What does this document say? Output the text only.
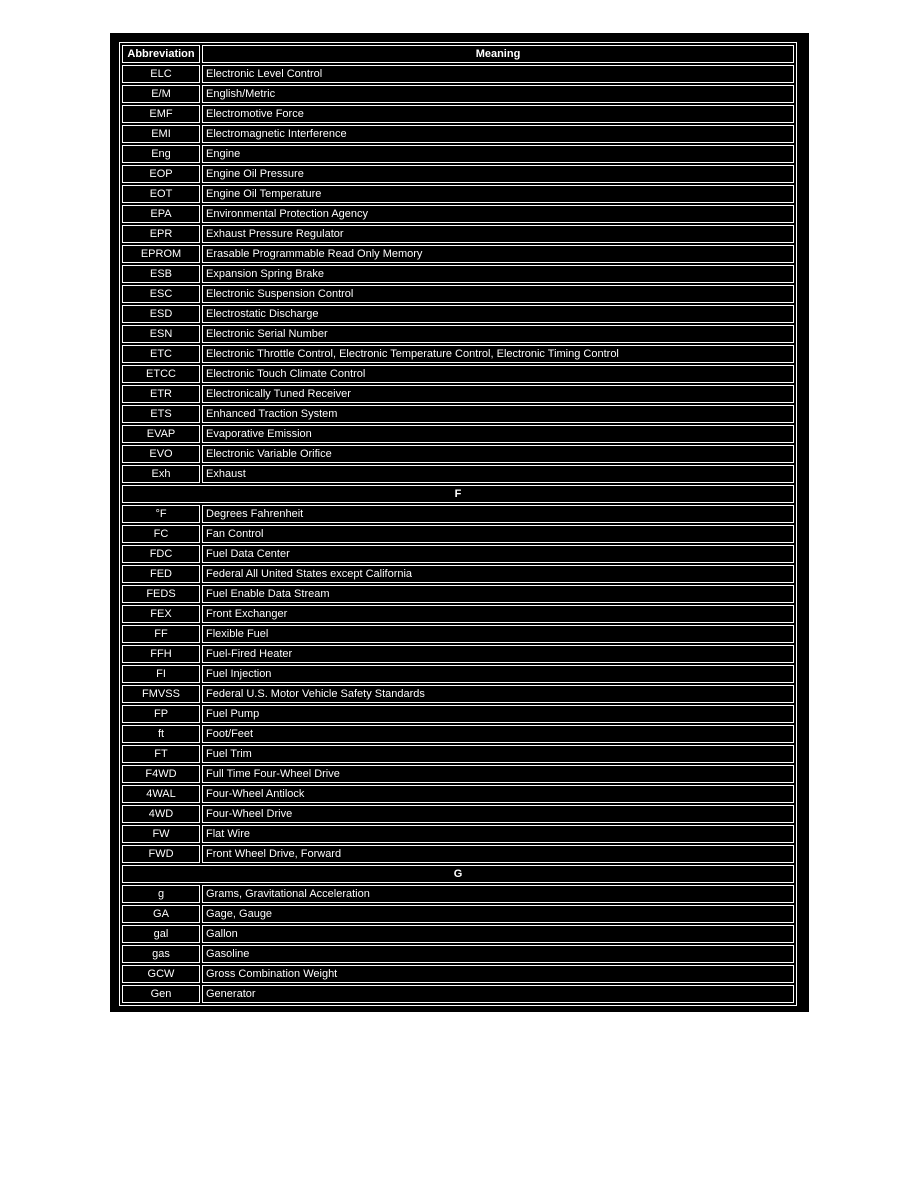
Abbreviation	Meaning
ELC	Electronic Level Control
E/M	English/Metric
EMF	Electromotive Force
EMI	Electromagnetic Interference
Eng	Engine
EOP	Engine Oil Pressure
EOT	Engine Oil Temperature
EPA	Environmental Protection Agency
EPR	Exhaust Pressure Regulator
EPROM	Erasable Programmable Read Only Memory
ESB	Expansion Spring Brake
ESC	Electronic Suspension Control
ESD	Electrostatic Discharge
ESN	Electronic Serial Number
ETC	Electronic Throttle Control, Electronic Temperature Control, Electronic Timing Control
ETCC	Electronic Touch Climate Control
ETR	Electronically Tuned Receiver
ETS	Enhanced Traction System
EVAP	Evaporative Emission
EVO	Electronic Variable Orifice
Exh	Exhaust
F	
°F	Degrees Fahrenheit
FC	Fan Control
FDC	Fuel Data Center
FED	Federal All United States except California
FEDS	Fuel Enable Data Stream
FEX	Front Exchanger
FF	Flexible Fuel
FFH	Fuel-Fired Heater
FI	Fuel Injection
FMVSS	Federal U.S. Motor Vehicle Safety Standards
FP	Fuel Pump
ft	Foot/Feet
FT	Fuel Trim
F4WD	Full Time Four-Wheel Drive
4WAL	Four-Wheel Antilock
4WD	Four-Wheel Drive
FW	Flat Wire
FWD	Front Wheel Drive, Forward
G	
g	Grams, Gravitational Acceleration
GA	Gage, Gauge
gal	Gallon
gas	Gasoline
GCW	Gross Combination Weight
Gen	Generator
